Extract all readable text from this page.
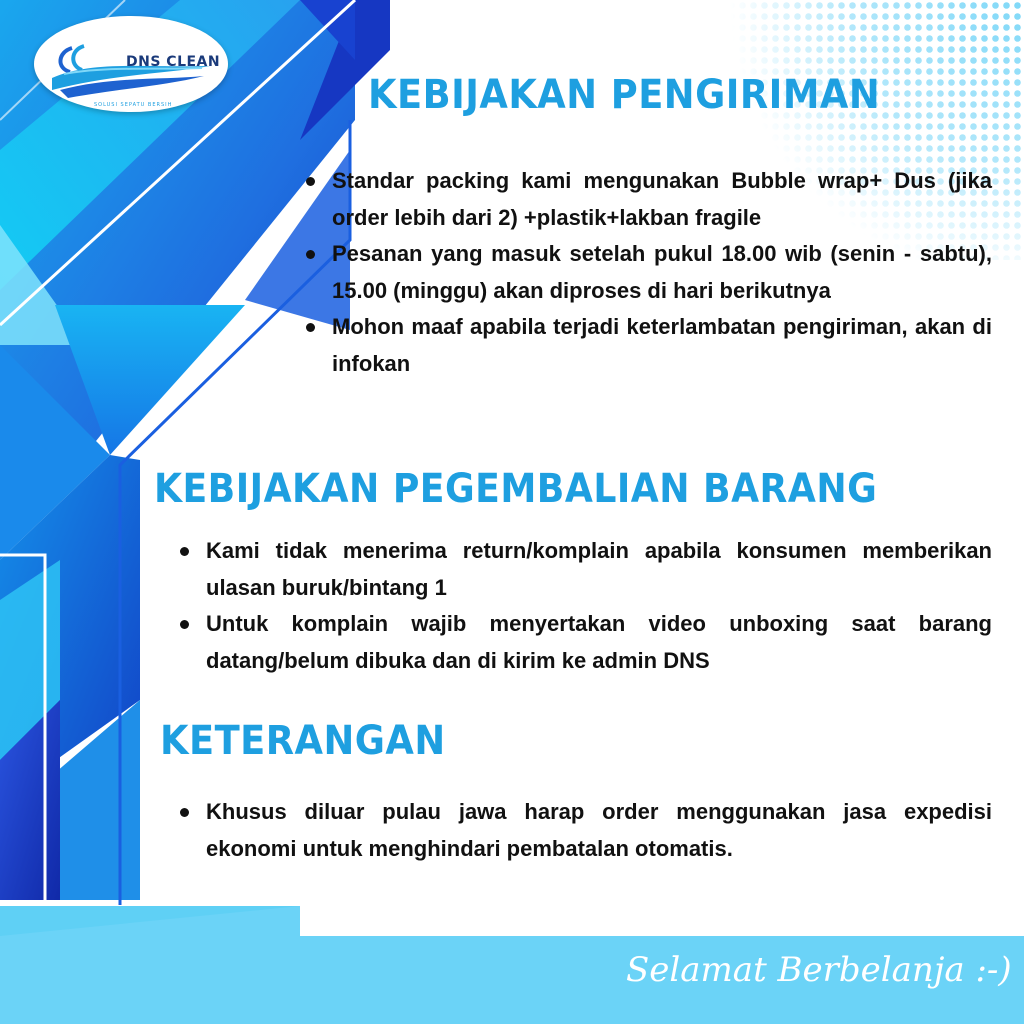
DNS CLEAN
SOLUSI SEPATU BERSIH	KEBIJAKAN PENGIRIMAN
Standar packing kami mengunakan Bubble wrap+ Dus (jika order lebih dari 2) +plastik+lakban fragile
Pesanan yang masuk setelah pukul 18.00 wib (senin - sabtu), 15.00 (minggu) akan diproses di hari berikutnya
Mohon maaf apabila terjadi keterlambatan pengiriman, akan di infokan
KEBIJAKAN PEGEMBALIAN BARANG
Kami tidak menerima return/komplain apabila konsumen memberikan ulasan buruk/bintang 1
Untuk komplain wajib menyertakan video unboxing saat barang datang/belum dibuka dan di kirim ke admin DNS
KETERANGAN
Khusus diluar pulau jawa harap order menggunakan jasa expedisi ekonomi untuk menghindari pembatalan otomatis.
Selamat Berbelanja :-)
